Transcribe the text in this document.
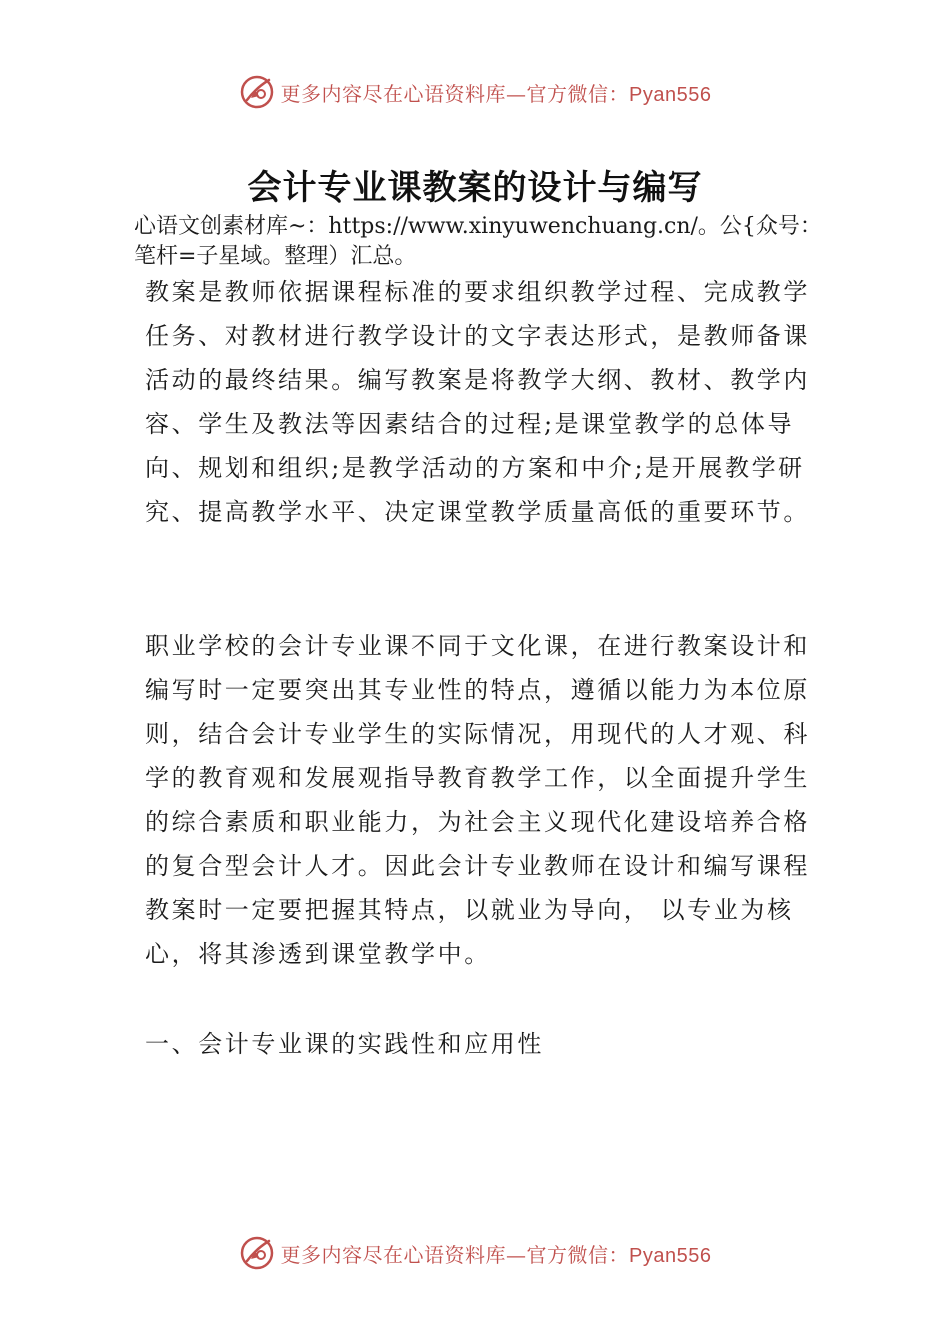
更多内容尽在心语资料库—官方微信：Pyan556
会计专业课教案的设计与编写

心语文创素材库~：https://www.xinyuwenchuang.cn/。公{众号：笔杆=子星域。整理）汇总。

教案是教师依据课程标准的要求组织教学过程、完成教学任务、对教材进行教学设计的文字表达形式，是教师备课活动的最终结果。编写教案是将教学大纲、教材、教学内容、学生及教法等因素结合的过程;是课堂教学的总体导向、规划和组织;是教学活动的方案和中介;是开展教学研究、提高教学水平、决定课堂教学质量高低的重要环节。

职业学校的会计专业课不同于文化课，在进行教案设计和编写时一定要突出其专业性的特点，遵循以能力为本位原则，结合会计专业学生的实际情况，用现代的人才观、科学的教育观和发展观指导教育教学工作，以全面提升学生的综合素质和职业能力，为社会主义现代化建设培养合格的复合型会计人才。因此会计专业教师在设计和编写课程教案时一定要把握其特点，以就业为导向， 以专业为核心，将其渗透到课堂教学中。

一、会计专业课的实践性和应用性

更多内容尽在心语资料库—官方微信：Pyan556
